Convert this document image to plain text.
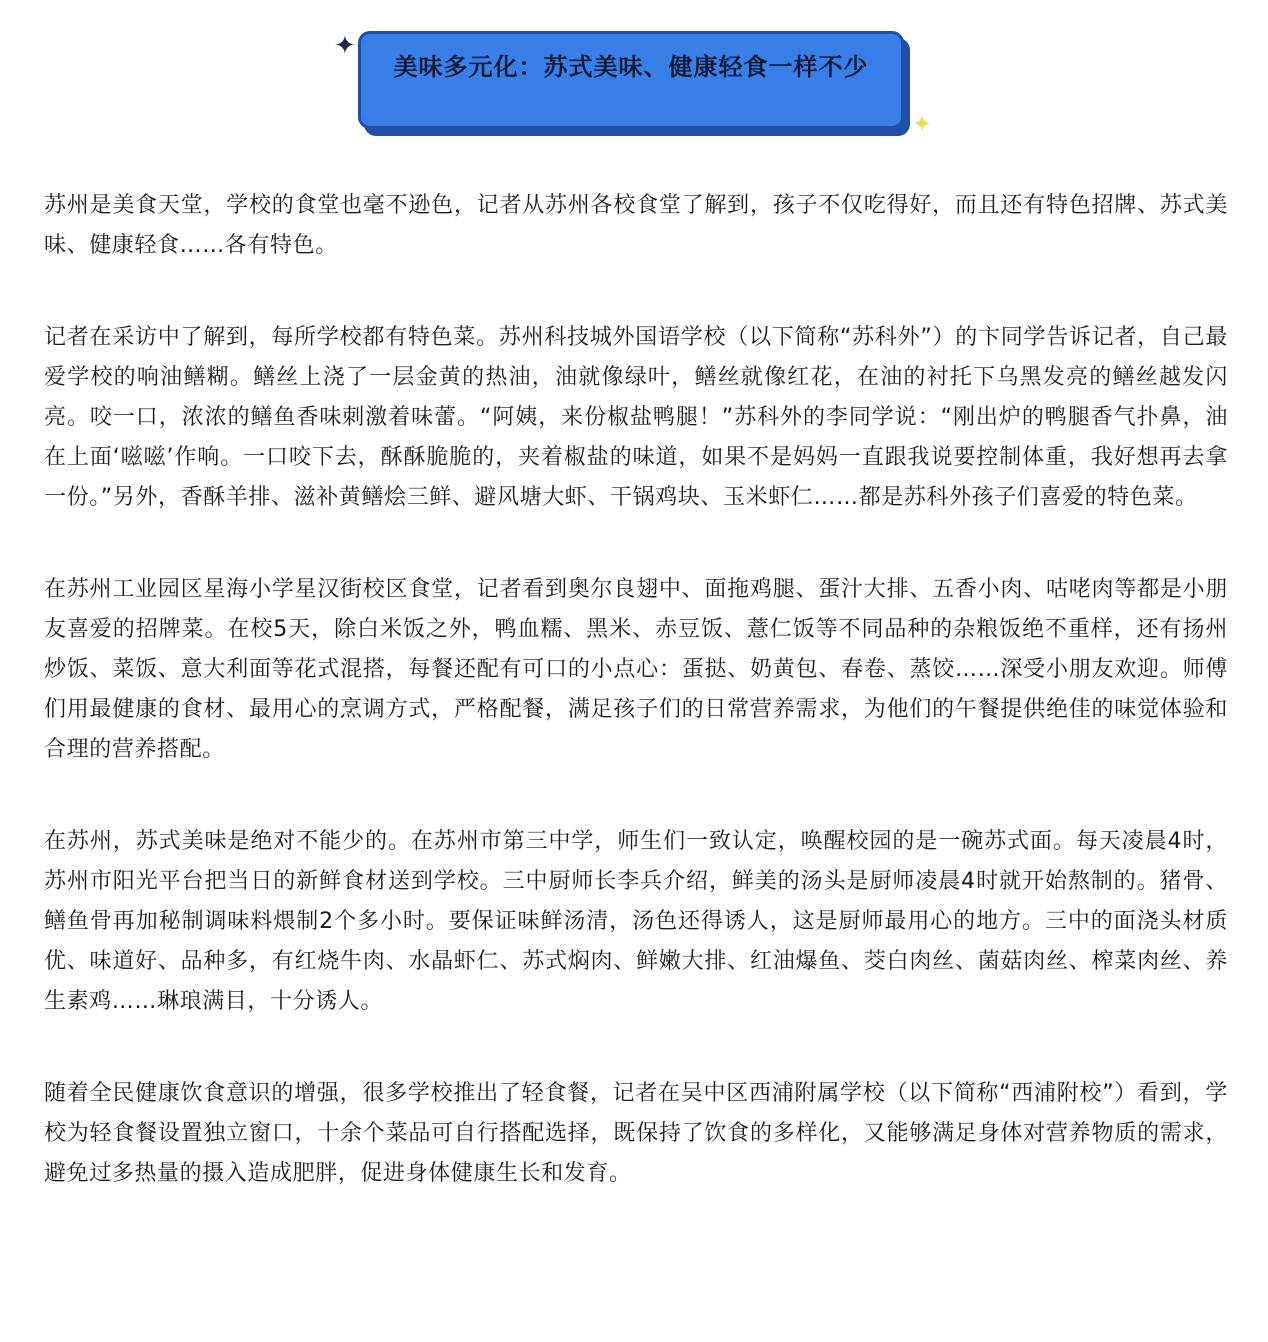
✦
美味多元化：苏式美味、健康轻食一样不少
✦

苏州是美食天堂，学校的食堂也毫不逊色，记者从苏州各校食堂了解到，孩子不仅吃得好，而且还有特色招牌、苏式美味、健康轻食……各有特色。

记者在采访中了解到，每所学校都有特色菜。苏州科技城外国语学校（以下简称“苏科外”）的卞同学告诉记者，自己最爱学校的响油鳝糊。鳝丝上浇了一层金黄的热油，油就像绿叶，鳝丝就像红花，在油的衬托下乌黑发亮的鳝丝越发闪亮。咬一口，浓浓的鳝鱼香味刺激着味蕾。“阿姨，来份椒盐鸭腿！”苏科外的李同学说：“刚出炉的鸭腿香气扑鼻，油在上面‘嗞嗞’作响。一口咬下去，酥酥脆脆的，夹着椒盐的味道，如果不是妈妈一直跟我说要控制体重，我好想再去拿一份。”另外，香酥羊排、滋补黄鳝烩三鲜、避风塘大虾、干锅鸡块、玉米虾仁……都是苏科外孩子们喜爱的特色菜。

在苏州工业园区星海小学星汉街校区食堂，记者看到奥尔良翅中、面拖鸡腿、蛋汁大排、五香小肉、咕咾肉等都是小朋友喜爱的招牌菜。在校5天，除白米饭之外，鸭血糯、黑米、赤豆饭、薏仁饭等不同品种的杂粮饭绝不重样，还有扬州炒饭、菜饭、意大利面等花式混搭，每餐还配有可口的小点心：蛋挞、奶黄包、春卷、蒸饺……深受小朋友欢迎。师傅们用最健康的食材、最用心的烹调方式，严格配餐，满足孩子们的日常营养需求，为他们的午餐提供绝佳的味觉体验和合理的营养搭配。

在苏州，苏式美味是绝对不能少的。在苏州市第三中学，师生们一致认定，唤醒校园的是一碗苏式面。每天凌晨4时，苏州市阳光平台把当日的新鲜食材送到学校。三中厨师长李兵介绍，鲜美的汤头是厨师凌晨4时就开始熬制的。猪骨、鳝鱼骨再加秘制调味料煨制2个多小时。要保证味鲜汤清，汤色还得诱人，这是厨师最用心的地方。三中的面浇头材质优、味道好、品种多，有红烧牛肉、水晶虾仁、苏式焖肉、鲜嫩大排、红油爆鱼、茭白肉丝、菌菇肉丝、榨菜肉丝、养生素鸡……琳琅满目，十分诱人。

随着全民健康饮食意识的增强，很多学校推出了轻食餐，记者在吴中区西浦附属学校（以下简称“西浦附校”）看到，学校为轻食餐设置独立窗口，十余个菜品可自行搭配选择，既保持了饮食的多样化，又能够满足身体对营养物质的需求，避免过多热量的摄入造成肥胖，促进身体健康生长和发育。
